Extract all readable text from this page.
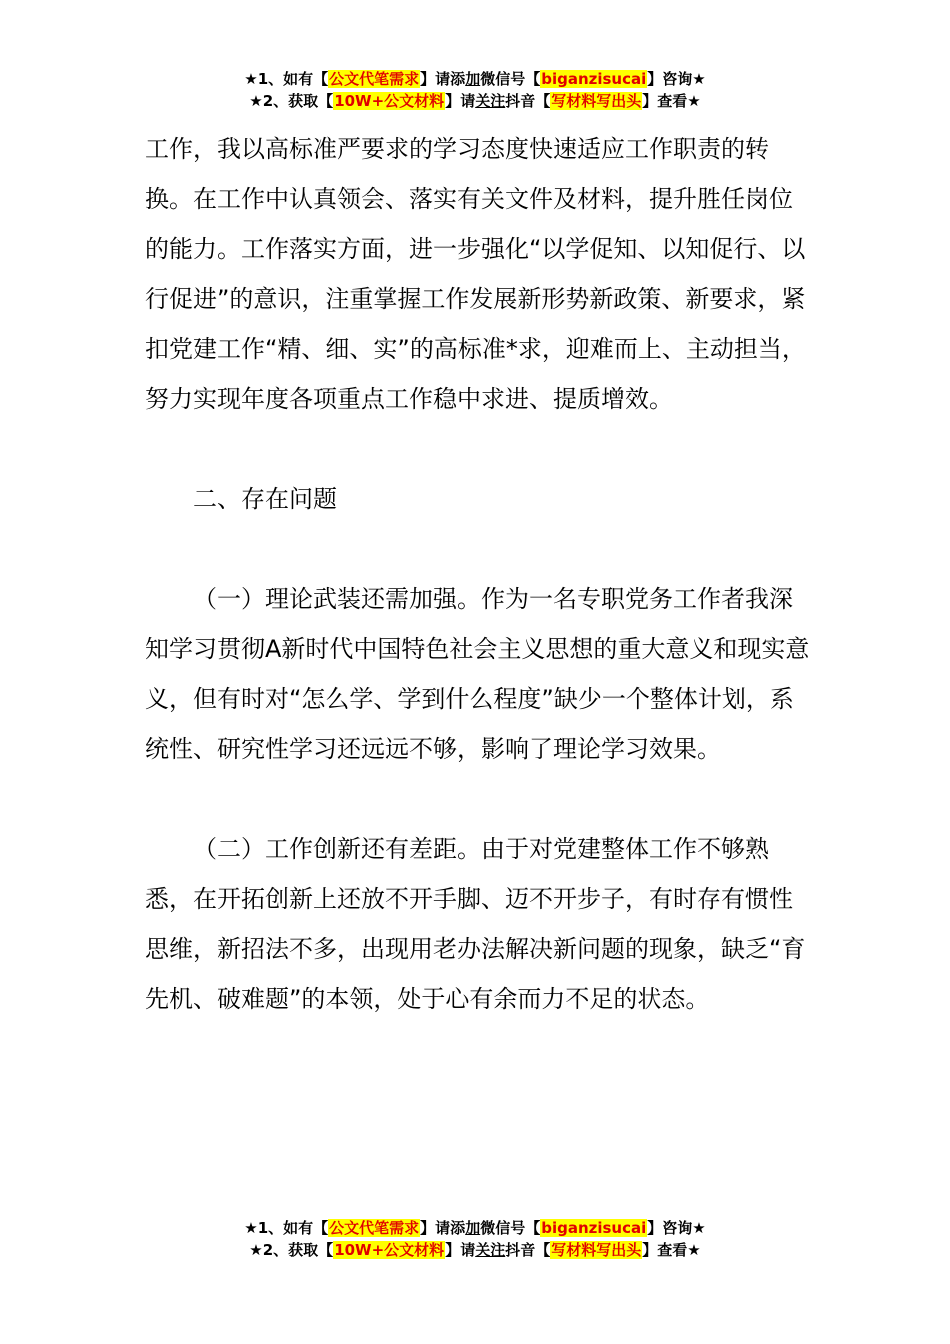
★1、如有【公文代笔需求】请添加微信号【biganzisucai】咨询★
★2、获取【10W+公文材料】请关注抖音【写材料写出头】查看★

工作，我以高标准严要求的学习态度快速适应工作职责的转换。在工作中认真领会、落实有关文件及材料，提升胜任岗位的能力。工作落实方面，进一步强化“以学促知、以知促行、以行促进”的意识，注重掌握工作发展新形势新政策、新要求，紧扣党建工作“精、细、实”的高标准*求，迎难而上、主动担当，努力实现年度各项重点工作稳中求进、提质增效。

二、存在问题

（一）理论武装还需加强。作为一名专职党务工作者我深知学习贯彻A新时代中国特色社会主义思想的重大意义和现实意义，但有时对“怎么学、学到什么程度”缺少一个整体计划，系统性、研究性学习还远远不够，影响了理论学习效果。

（二）工作创新还有差距。由于对党建整体工作不够熟悉，在开拓创新上还放不开手脚、迈不开步子，有时存有惯性思维，新招法不多，出现用老办法解决新问题的现象，缺乏“育先机、破难题”的本领，处于心有余而力不足的状态。

★1、如有【公文代笔需求】请添加微信号【biganzisucai】咨询★
★2、获取【10W+公文材料】请关注抖音【写材料写出头】查看★
